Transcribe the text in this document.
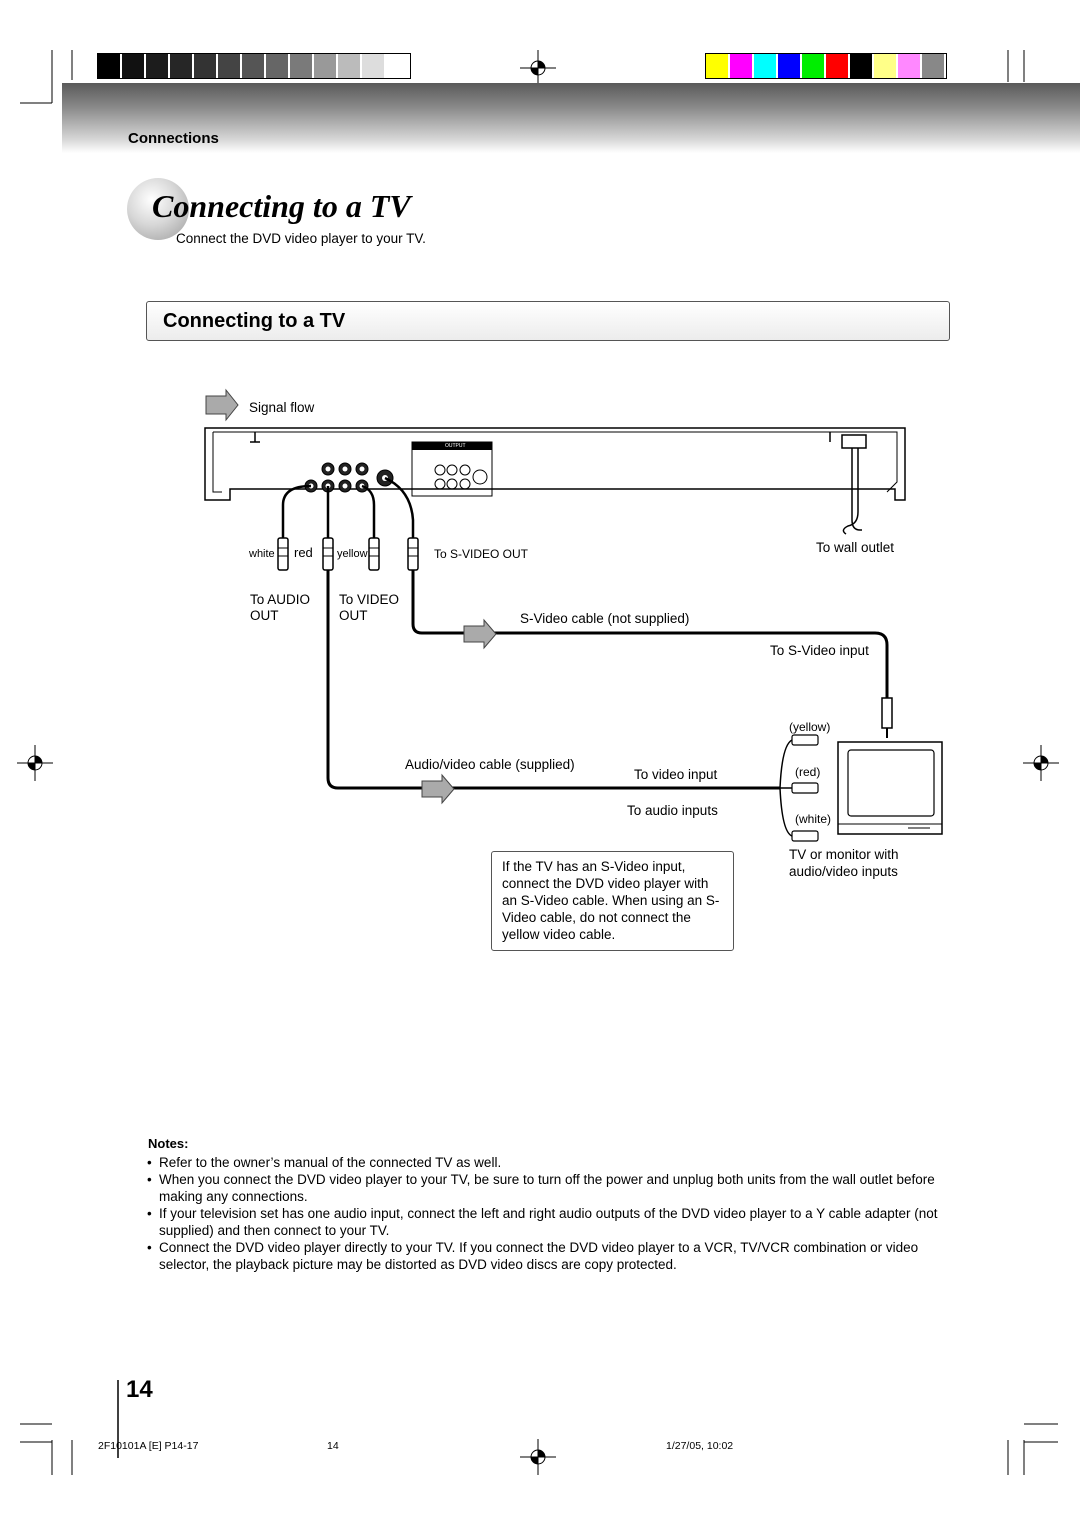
Connections
Connecting to a TV
Connect the DVD video player to your TV.
Connecting to a TV
Signal flow
white red yellow	To S-VIDEO OUT	To wall outlet
To AUDIO
OUT
To VIDEO
OUT	S-Video cable (not supplied)
To S-Video input
(yellow)
(red)
(white)
Audio/video cable (supplied)
To video input
To audio inputs
TV or monitor with
audio/video inputs
OUTPUT
If the TV has an S-Video input, connect the DVD video player with an S-Video cable. When using an S-Video cable, do not connect the yellow video cable.
Notes:
• Refer to the owner’s manual of the connected TV as well.
• When you connect the DVD video player to your TV, be sure to turn off the power and unplug both units from the wall outlet before making any connections.
• If your television set has one audio input, connect the left and right audio outputs of the DVD video player to a Y cable adapter (not supplied) and then connect to your TV.
• Connect the DVD video player directly to your TV. If you connect the DVD video player to a VCR, TV/VCR combination or video selector, the playback picture may be distorted as DVD video discs are copy protected.
14
2F10101A [E] P14-17	14	1/27/05, 10:02
